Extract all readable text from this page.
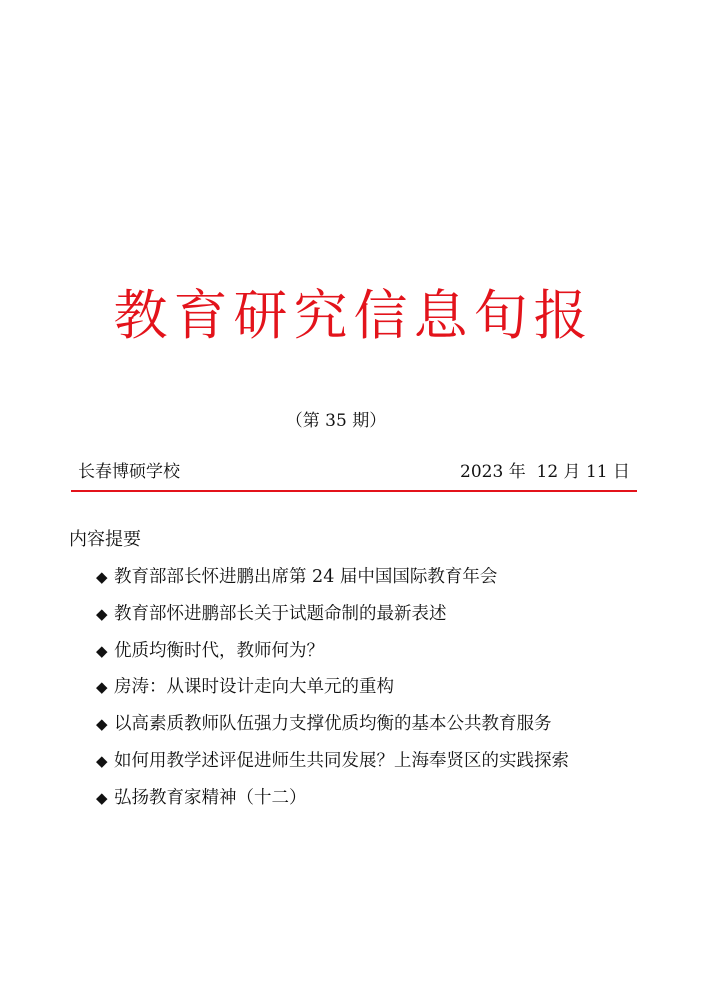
教育研究信息旬报
（第 35 期）
长春博硕学校	2023 年  12 月 11 日
内容提要
◆ 教育部部长怀进鹏出席第 24 届中国国际教育年会
◆ 教育部怀进鹏部长关于试题命制的最新表述
◆ 优质均衡时代，教师何为？
◆ 房涛：从课时设计走向大单元的重构
◆ 以高素质教师队伍强力支撑优质均衡的基本公共教育服务
◆ 如何用教学述评促进师生共同发展？上海奉贤区的实践探索
◆ 弘扬教育家精神（十二）
